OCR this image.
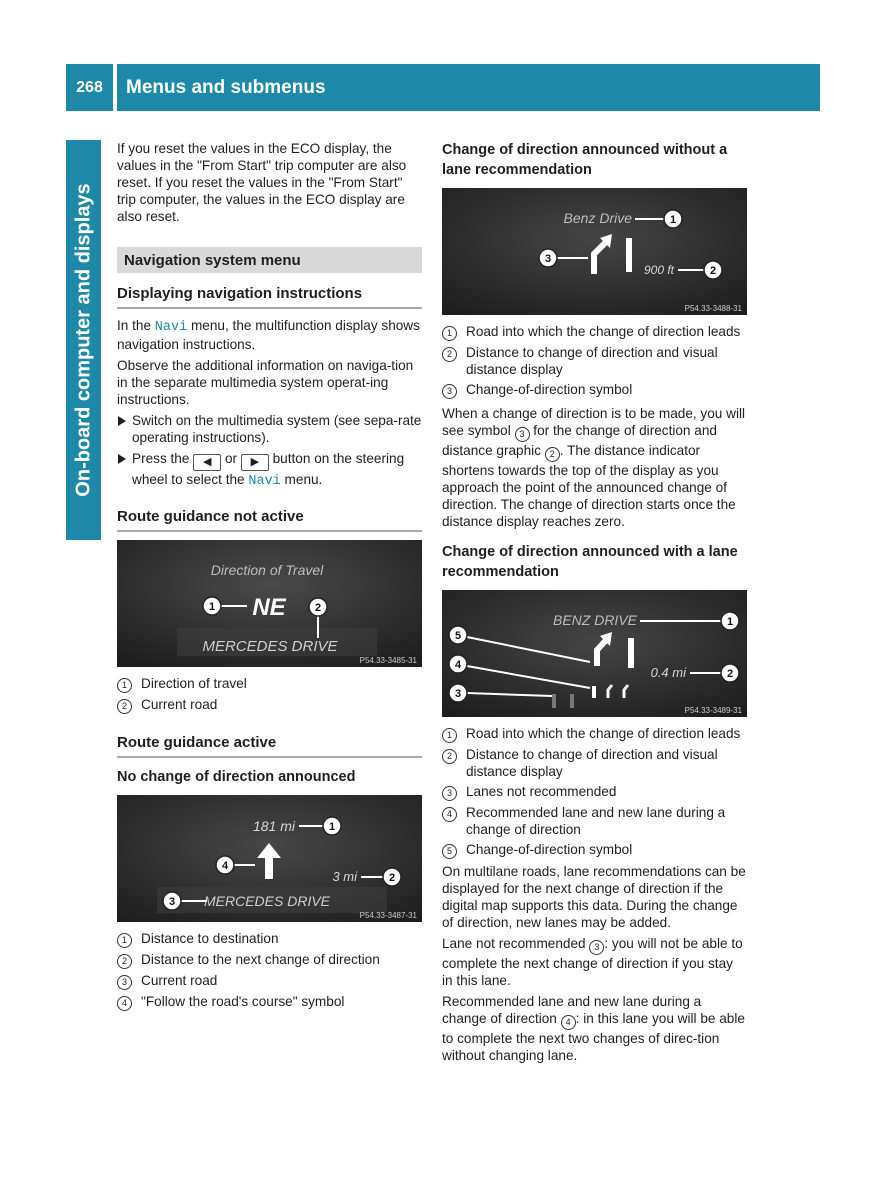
268	Menus and submenus
On-board computer and displays

If you reset the values in the ECO display, the values in the "From Start" trip computer are also reset. If you reset the values in the "From Start" trip computer, the values in the ECO display are also reset.

Navigation system menu
Displaying navigation instructions

In the Navi menu, the multifunction display shows navigation instructions.

Observe the additional information on naviga-tion in the separate multimedia system operat-ing instructions.

Switch on the multimedia system (see sepa-rate operating instructions).
Press the ◀ or ▶ button on the steering wheel to select the Navi menu.
Route guidance not active
Direction of Travel
NE
MERCEDES DRIVE
P54.33-3485-31
1	2
1	Direction of travel
2	Current road
Route guidance active
No change of direction announced
181 mi	1
4
3 mi	2
MERCEDES DRIVE
3
P54.33-3487-31
1	Distance to destination
2	Distance to the next change of direction
3	Current road
4	"Follow the road's course" symbol
Change of direction announced without a lane recommendation
Benz Drive	1
3
900 ft	2
P54.33-3488-31
1	Road into which the change of direction leads
2	Distance to change of direction and visual distance display
3	Change-of-direction symbol

When a change of direction is to be made, you will see symbol 3 for the change of direction and distance graphic 2 . The distance indicator shortens towards the top of the display as you approach the point of the announced change of direction. The change of direction starts once the distance display reaches zero.

Change of direction announced with a lane recommendation
BENZ DRIVE	1
0.4 mi	2
5
4
3
P54.33-3489-31
1	Road into which the change of direction leads
2	Distance to change of direction and visual distance display
3	Lanes not recommended
4	Recommended lane and new lane during a change of direction
5	Change-of-direction symbol

On multilane roads, lane recommendations can be displayed for the next change of direction if the digital map supports this data. During the change of direction, new lanes may be added.

Lane not recommended 3 : you will not be able to complete the next change of direction if you stay in this lane.

Recommended lane and new lane during a change of direction 4 : in this lane you will be able to complete the next two changes of direc-tion without changing lane.
